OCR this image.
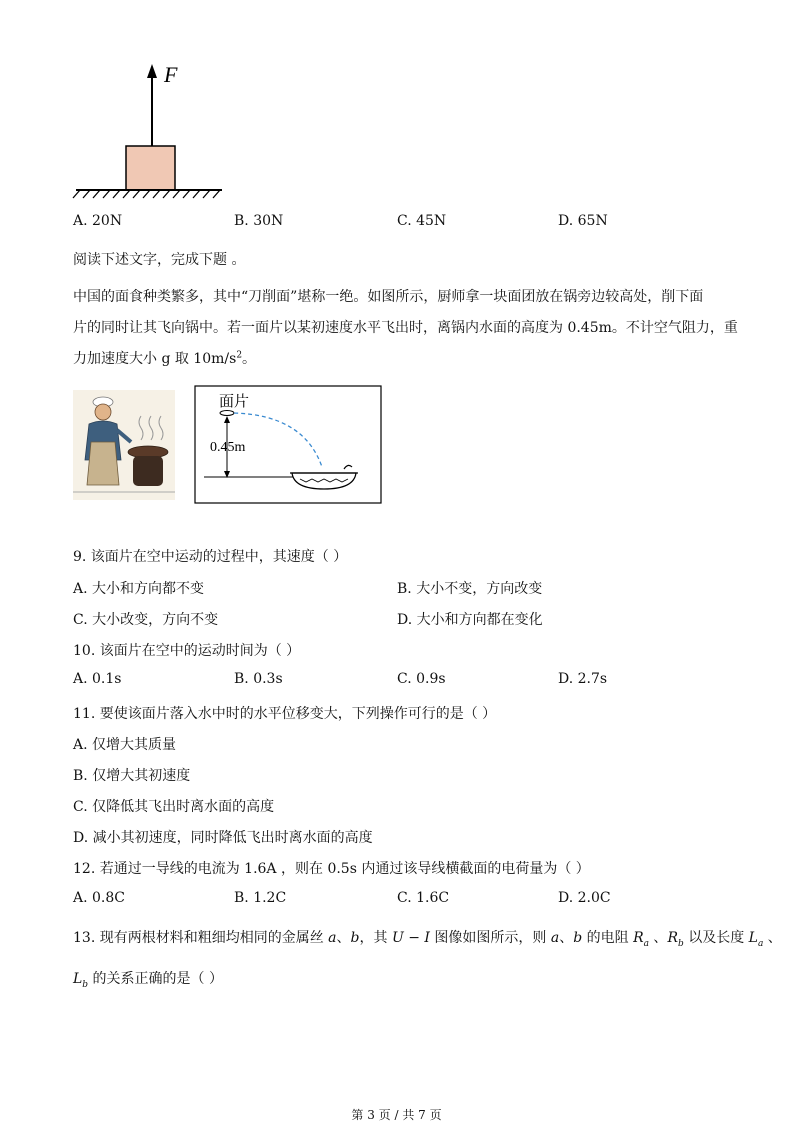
F
A. 20N	B. 30N	C. 45N	D. 65N
阅读下述文字，完成下题 。
中国的面食种类繁多，其中“刀削面”堪称一绝。如图所示，厨师拿一块面团放在锅旁边较高处，削下面
片的同时让其飞向锅中。若一面片以某初速度水平飞出时，离锅内水面的高度为 0.45m。不计空气阻力，重
力加速度大小 g 取 $10m/s^2$。
面片
0.45m
9. 该面片在空中运动的过程中，其速度（ ）
A. 大小和方向都不变	B. 大小不变，方向改变
C. 大小改变，方向不变	D. 大小和方向都在变化
10. 该面片在空中的运动时间为（ ）
A. 0.1s	B. 0.3s	C. 0.9s	D. 2.7s
11. 要使该面片落入水中时的水平位移变大，下列操作可行的是（ ）
A. 仅增大其质量
B. 仅增大其初速度
C. 仅降低其飞出时离水面的高度
D. 减小其初速度，同时降低飞出时离水面的高度
12. 若通过一导线的电流为 1.6A ，则在 0.5s 内通过该导线横截面的电荷量为（ ）
A. 0.8C	B. 1.2C	C. 1.6C	D. 2.0C
13. 现有两根材料和粗细均相同的金属丝 a、b，其 U − I 图像如图所示，则 a、b 的电阻 $R_a$ 、$R_b$ 以及长度 $L_a$ 、
$L_b$ 的关系正确的是（ ）
第 3 页 / 共 7 页
